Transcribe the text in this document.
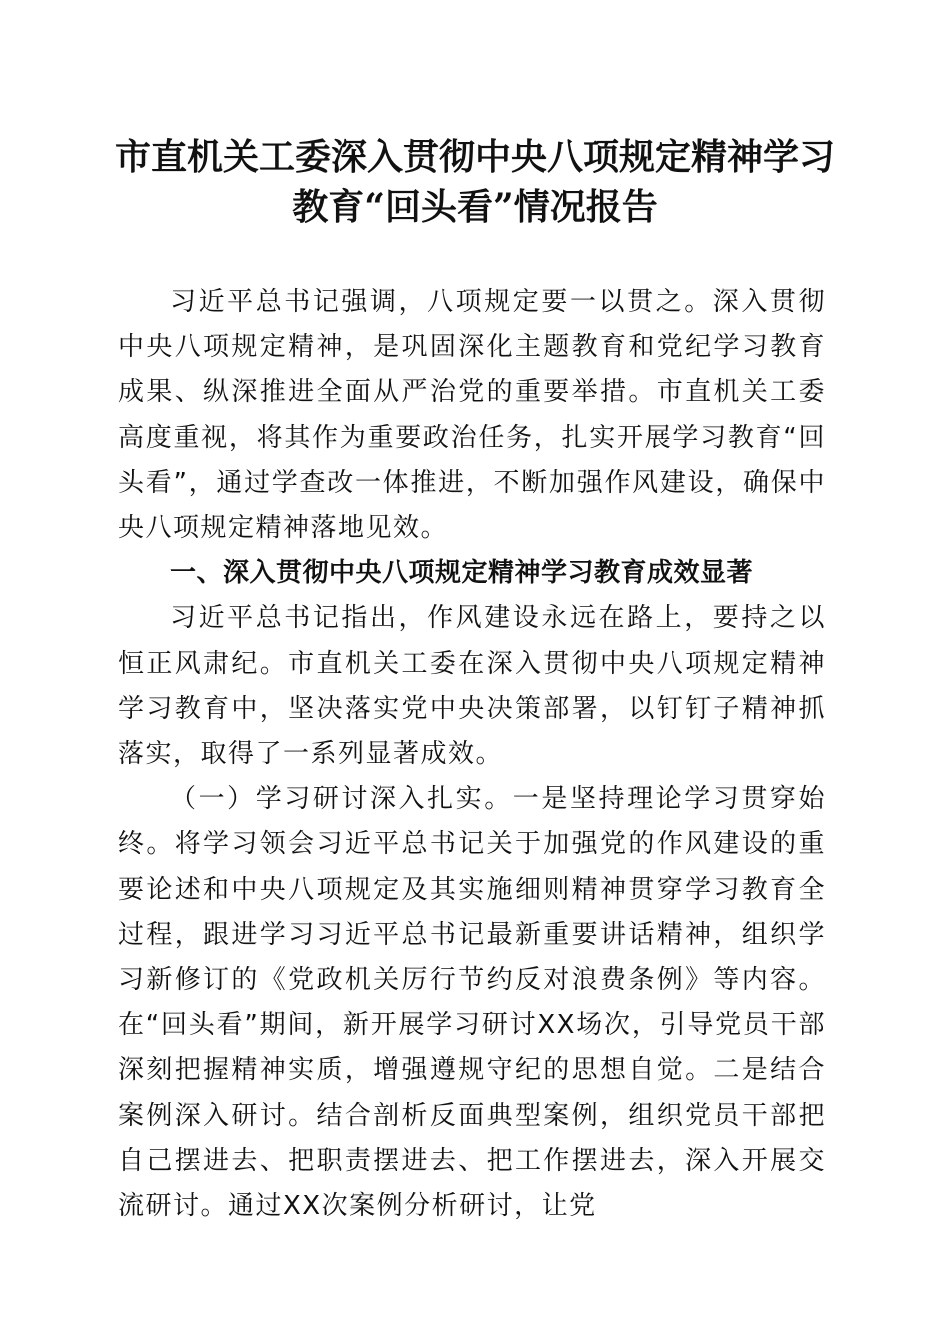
市直机关工委深入贯彻中央八项规定精神学习
教育“回头看”情况报告

习近平总书记强调，八项规定要一以贯之。深入贯彻中央八项规定精神，是巩固深化主题教育和党纪学习教育成果、纵深推进全面从严治党的重要举措。市直机关工委高度重视，将其作为重要政治任务，扎实开展学习教育“回头看”，通过学查改一体推进，不断加强作风建设，确保中央八项规定精神落地见效。

一、深入贯彻中央八项规定精神学习教育成效显著

习近平总书记指出，作风建设永远在路上，要持之以恒正风肃纪。市直机关工委在深入贯彻中央八项规定精神学习教育中，坚决落实党中央决策部署，以钉钉子精神抓落实，取得了一系列显著成效。

（一）学习研讨深入扎实。一是坚持理论学习贯穿始终。将学习领会习近平总书记关于加强党的作风建设的重要论述和中央八项规定及其实施细则精神贯穿学习教育全过程，跟进学习习近平总书记最新重要讲话精神，组织学习新修订的《党政机关厉行节约反对浪费条例》等内容。在“回头看”期间，新开展学习研讨XX场次，引导党员干部深刻把握精神实质，增强遵规守纪的思想自觉。二是结合案例深入研讨。结合剖析反面典型案例，组织党员干部把自己摆进去、把职责摆进去、把工作摆进去，深入开展交流研讨。通过XX次案例分析研讨，让党
